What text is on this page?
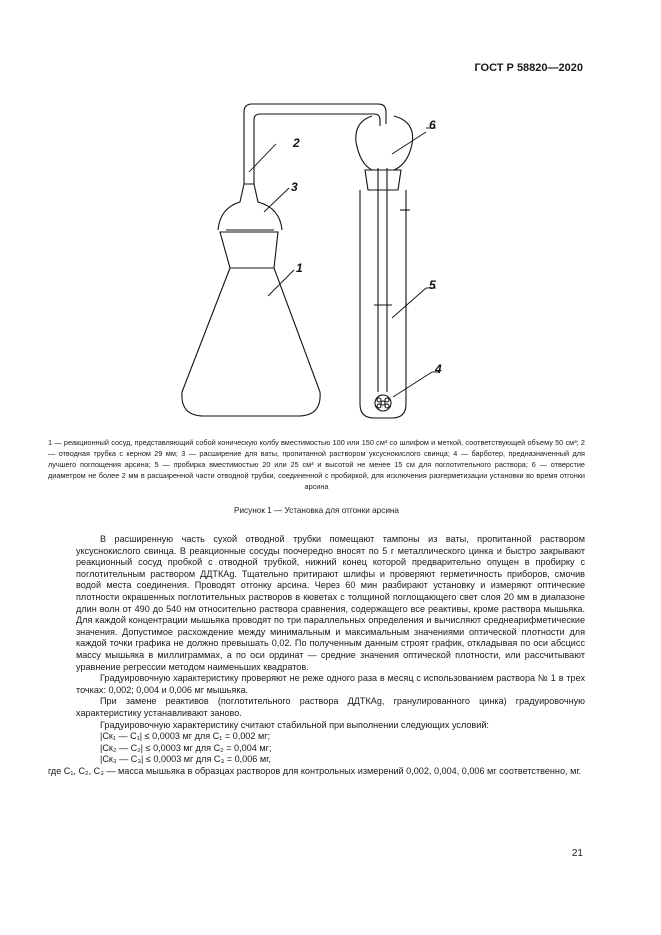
ГОСТ Р 58820—2020
2
3
1
6
5
4
1 — реакционный сосуд, представляющий собой коническую колбу вместимостью 100 или 150 см³ со шлифом и меткой, соответствующей объему 50 см³; 2 — отводная трубка с керном 29 мм; 3 — расширение для ваты, пропитанной раствором уксуснокислого свинца; 4 — барботер, предназначенный для лучшего поглощения арсина; 5 — пробирка вместимостью 20 или 25 см³ и высотой не менее 15 см для поглотительного раствора; 6 — отверстие диаметром не более 2 мм в расширенной части отводной трубки, соединенной с пробиркой, для исключения разгерметизации установки во время отгонки арсина
Рисунок 1 — Установка для отгонки арсина

В расширенную часть сухой отводной трубки помещают тампоны из ваты, пропитанной раствором уксуснокислого свинца. В реакционные сосуды поочередно вносят по 5 г металлического цинка и быстро закрывают реакционный сосуд пробкой с отводной трубкой, нижний конец которой предварительно опущен в пробирку с поглотительным раствором ДДТКAg. Тщательно притирают шлифы и проверяют герметичность приборов, смочив водой места соединения. Проводят отгонку арсина. Через 60 мин разбирают установку и измеряют оптические плотности окрашенных поглотительных растворов в кюветах с толщиной поглощающего свет слоя 20 мм в диапазоне длин волн от 490 до 540 нм относительно раствора сравнения, содержащего все реактивы, кроме раствора мышьяка. Для каждой концентрации мышьяка проводят по три параллельных определения и вычисляют среднеарифметические значения. Допустимое расхождение между минимальным и максимальным значениями оптической плотности для каждой точки графика не должно превышать 0,02. По полученным данным строят график, откладывая по оси абсцисс массу мышьяка в миллиграммах, а по оси ординат — средние значения оптической плотности, или рассчитывают уравнение регрессии методом наименьших квадратов.

Градуировочную характеристику проверяют не реже одного раза в месяц с использованием раствора № 1 в трех точках: 0,002; 0,004 и 0,006 мг мышьяка.

При замене реактивов (поглотительного раствора ДДТКAg, гранулированного цинка) градуировочную характеристику устанавливают заново.

Градуировочную характеристику считают стабильной при выполнении следующих условий:

|Ск₁ — С₁| ≤ 0,0003 мг для С₁ = 0,002 мг;

|Ск₂ — С₂| ≤ 0,0003 мг для С₂ = 0,004 мг;

|Ск₃ — С₃| ≤ 0,0003 мг для С₃ = 0,006 мг,

где С₁, С₂, С₃ — масса мышьяка в образцах растворов для контрольных измерений 0,002, 0,004, 0,006 мг соответственно, мг.

21
